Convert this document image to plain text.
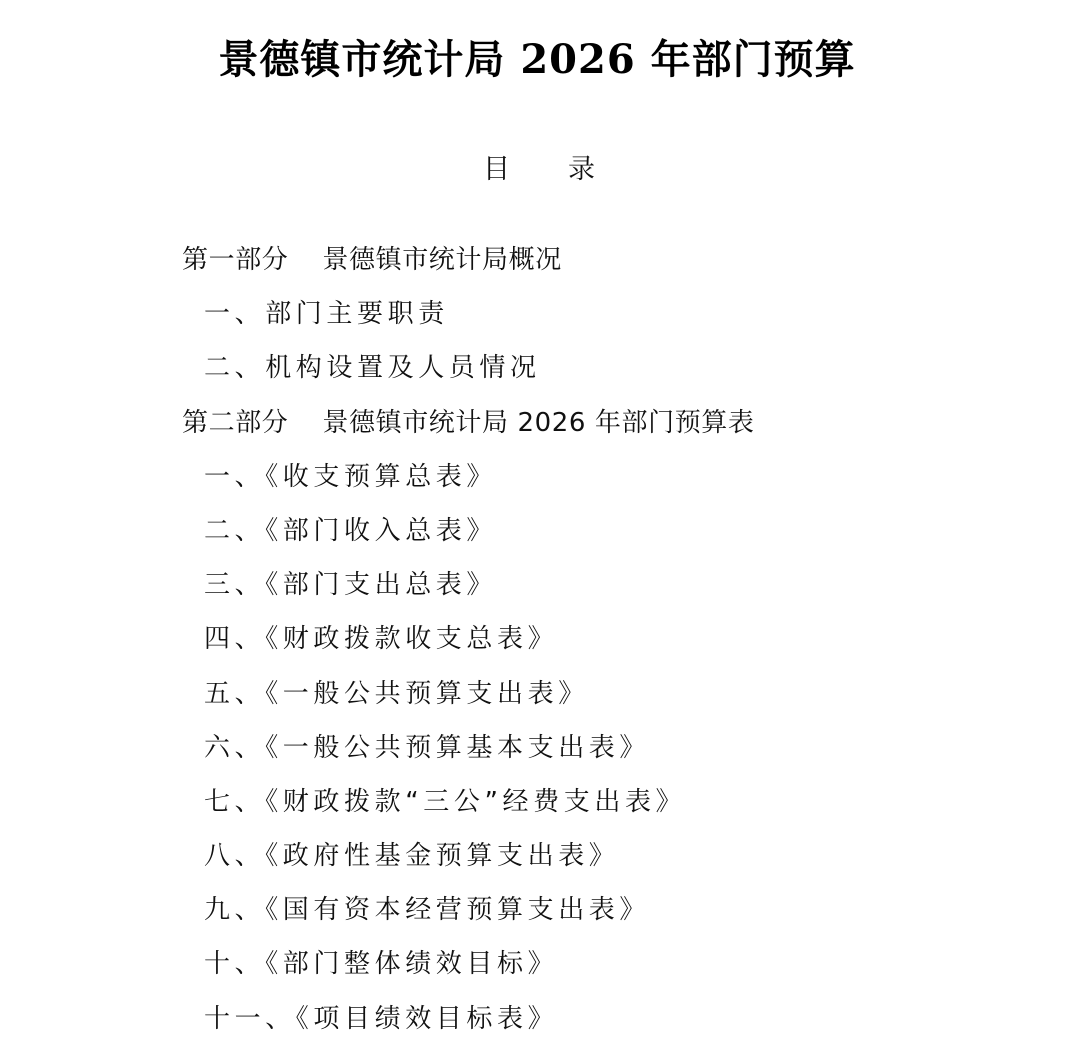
景德镇市统计局 2026 年部门预算
目 录
第一部分 景德镇市统计局概况
一、部门主要职责
二、机构设置及人员情况
第二部分 景德镇市统计局 2026 年部门预算表
一、《收支预算总表》
二、《部门收入总表》
三、《部门支出总表》
四、《财政拨款收支总表》
五、《一般公共预算支出表》
六、《一般公共预算基本支出表》
七、《财政拨款“三公”经费支出表》
八、《政府性基金预算支出表》
九、《国有资本经营预算支出表》
十、《部门整体绩效目标》
十一、《项目绩效目标表》
